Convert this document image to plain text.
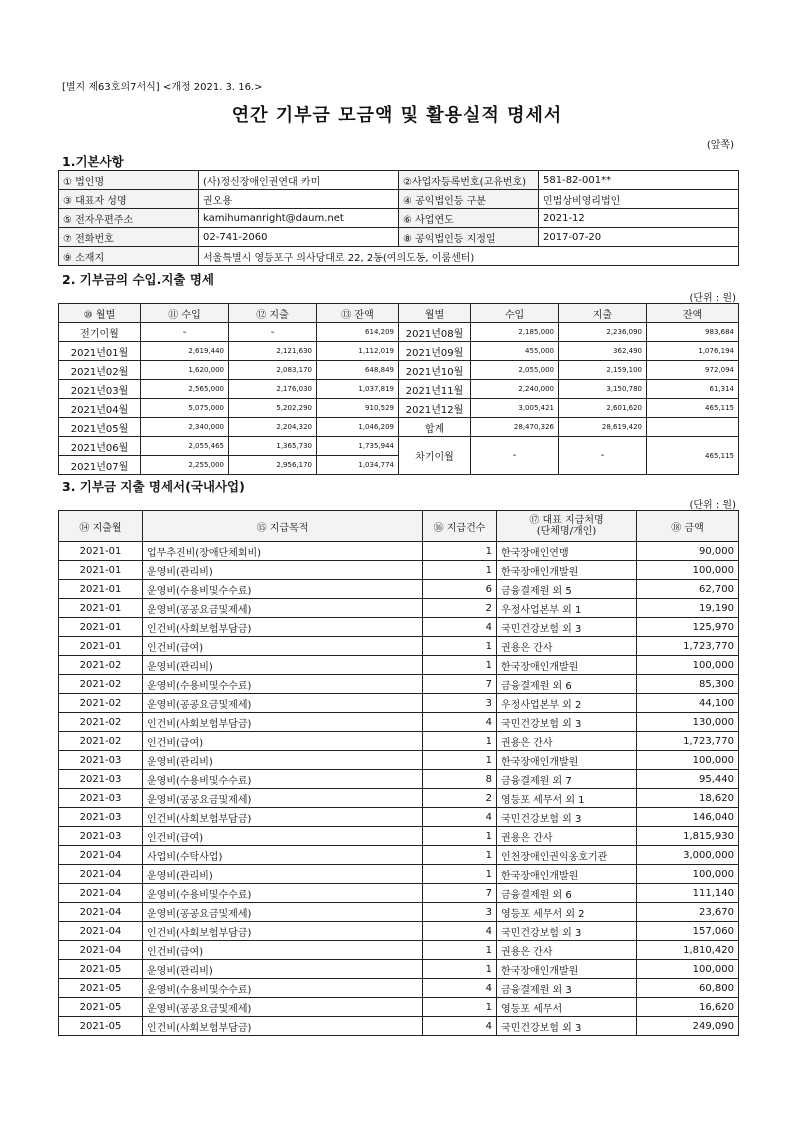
[별지 제63호의7서식] <개정 2021. 3. 16.>
연간 기부금 모금액 및 활용실적 명세서
(앞쪽)
1.기본사항
① 법인명	(사)정신장애인권연대 카미	②사업자등록번호(고유번호)	581-82-001**
③ 대표자 성명	권오용	④ 공익법인등 구분	민법상비영리법인
⑤ 전자우편주소	kamihumanright@daum.net	⑥ 사업연도	2021-12
⑦ 전화번호	02-741-2060	⑧ 공익법인등 지정일	2017-07-20
⑨ 소재지	서울특별시 영등포구 의사당대로 22, 2동(여의도동, 이룸센터)		
2. 기부금의 수입.지출 명세
(단위 : 원)
⑩ 월별	⑪ 수입	⑫ 지출	⑬ 잔액	월별	수입	지출	잔액
전기이월	-	-	614,209	2021년08월	2,185,000	2,236,090	983,684
2021년01월	2,619,440	2,121,630	1,112,019	2021년09월	455,000	362,490	1,076,194
2021년02월	1,620,000	2,083,170	648,849	2021년10월	2,055,000	2,159,100	972,094
2021년03월	2,565,000	2,176,030	1,037,819	2021년11월	2,240,000	3,150,780	61,314
2021년04월	5,075,000	5,202,290	910,529	2021년12월	3,005,421	2,601,620	465,115
2021년05월	2,340,000	2,204,320	1,046,209	합계	28,470,326	28,619,420	
2021년06월	2,055,465	1,365,730	1,735,944	차기이월	-	-	465,115
2021년07월	2,255,000	2,956,170	1,034,774				
3. 기부금 지출 명세서(국내사업)
(단위 : 원)
⑭ 지출월	⑮ 지급목적	⑯ 지급건수	⑰ 대표 지급처명
(단체명/개인)	⑱ 금액
2021-01	업무추진비(장애단체회비)	1	한국장애인연맹	90,000
2021-01	운영비(관리비)	1	한국장애인개발원	100,000
2021-01	운영비(수용비및수수료)	6	금융결제원 외 5	62,700
2021-01	운영비(공공요금및제세)	2	우정사업본부 외 1	19,190
2021-01	인건비(사회보험부담금)	4	국민건강보험 외 3	125,970
2021-01	인건비(급여)	1	권용은 간사	1,723,770
2021-02	운영비(관리비)	1	한국장애인개발원	100,000
2021-02	운영비(수용비및수수료)	7	금융결제원 외 6	85,300
2021-02	운영비(공공요금및제세)	3	우정사업본부 외 2	44,100
2021-02	인건비(사회보험부담금)	4	국민건강보험 외 3	130,000
2021-02	인건비(급여)	1	권용은 간사	1,723,770
2021-03	운영비(관리비)	1	한국장애인개발원	100,000
2021-03	운영비(수용비및수수료)	8	금융결제원 외 7	95,440
2021-03	운영비(공공요금및제세)	2	영등포 세무서 외 1	18,620
2021-03	인건비(사회보험부담금)	4	국민건강보험 외 3	146,040
2021-03	인건비(급여)	1	권용은 간사	1,815,930
2021-04	사업비(수탁사업)	1	인천장애인권익옹호기관	3,000,000
2021-04	운영비(관리비)	1	한국장애인개발원	100,000
2021-04	운영비(수용비및수수료)	7	금융결제원 외 6	111,140
2021-04	운영비(공공요금및제세)	3	영등포 세무서 외 2	23,670
2021-04	인건비(사회보험부담금)	4	국민건강보험 외 3	157,060
2021-04	인건비(급여)	1	권용은 간사	1,810,420
2021-05	운영비(관리비)	1	한국장애인개발원	100,000
2021-05	운영비(수용비및수수료)	4	금융결제원 외 3	60,800
2021-05	운영비(공공요금및제세)	1	영등포 세무서	16,620
2021-05	인건비(사회보험부담금)	4	국민건강보험 외 3	249,090
